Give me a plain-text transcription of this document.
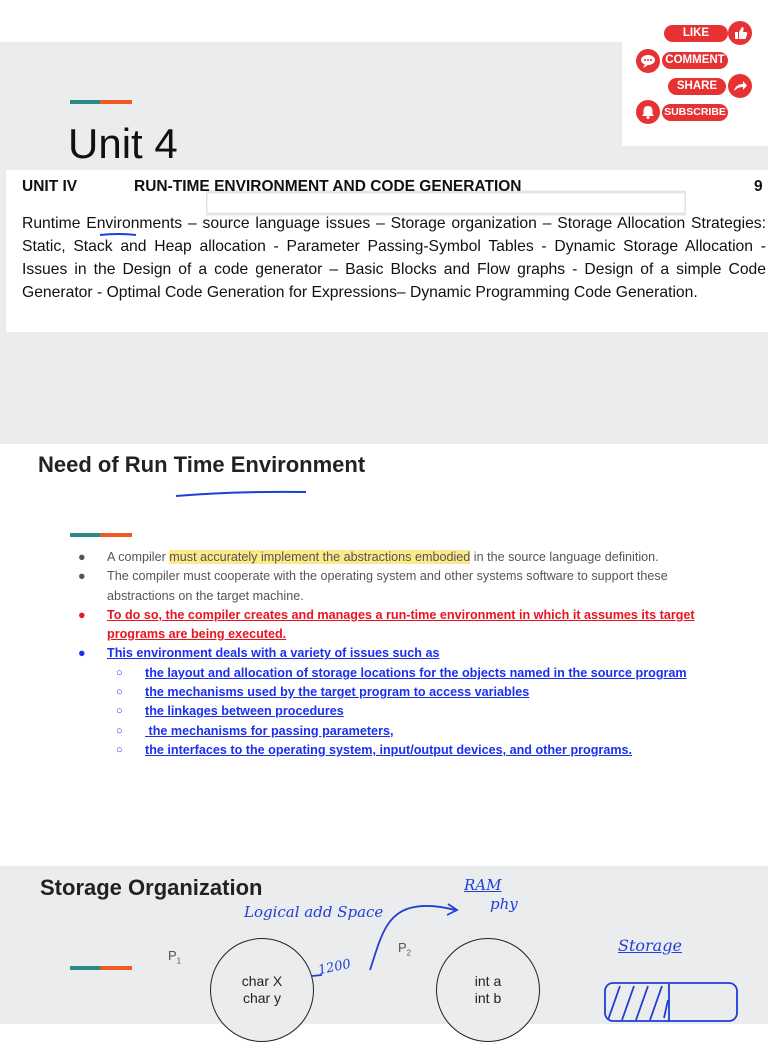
Unit 4
UNIT IV	RUN-TIME ENVIRONMENT AND CODE GENERATION	9
Runtime Environments – source language issues – Storage organization – Storage Allocation Strategies: Static, Stack and Heap allocation - Parameter Passing-Symbol Tables - Dynamic Storage Allocation - Issues in the Design of a code generator – Basic Blocks and Flow graphs - Design of a simple Code Generator - Optimal Code Generation for Expressions– Dynamic Programming Code Generation.
LIKE
COMMENT
SHARE
SUBSCRIBE
Need of Run Time Environment
● A compiler must accurately implement the abstractions embodied in the source language definition.
● The compiler must cooperate with the operating system and other systems software to support these abstractions on the target machine.
● To do so, the compiler creates and manages a run-time environment in which it assumes its target programs are being executed.
● This environment deals with a variety of issues such as
○ the layout and allocation of storage locations for the objects named in the source program
○ the mechanisms used by the target program to access variables
○ the linkages between procedures
○ the mechanisms for passing parameters,
○ the interfaces to the operating system, input/output devices, and other programs.
Storage Organization
$P_1$
$P_2$
char X
char y
int a
int b
Logical add Space
RAM
phy
1200
Storage
